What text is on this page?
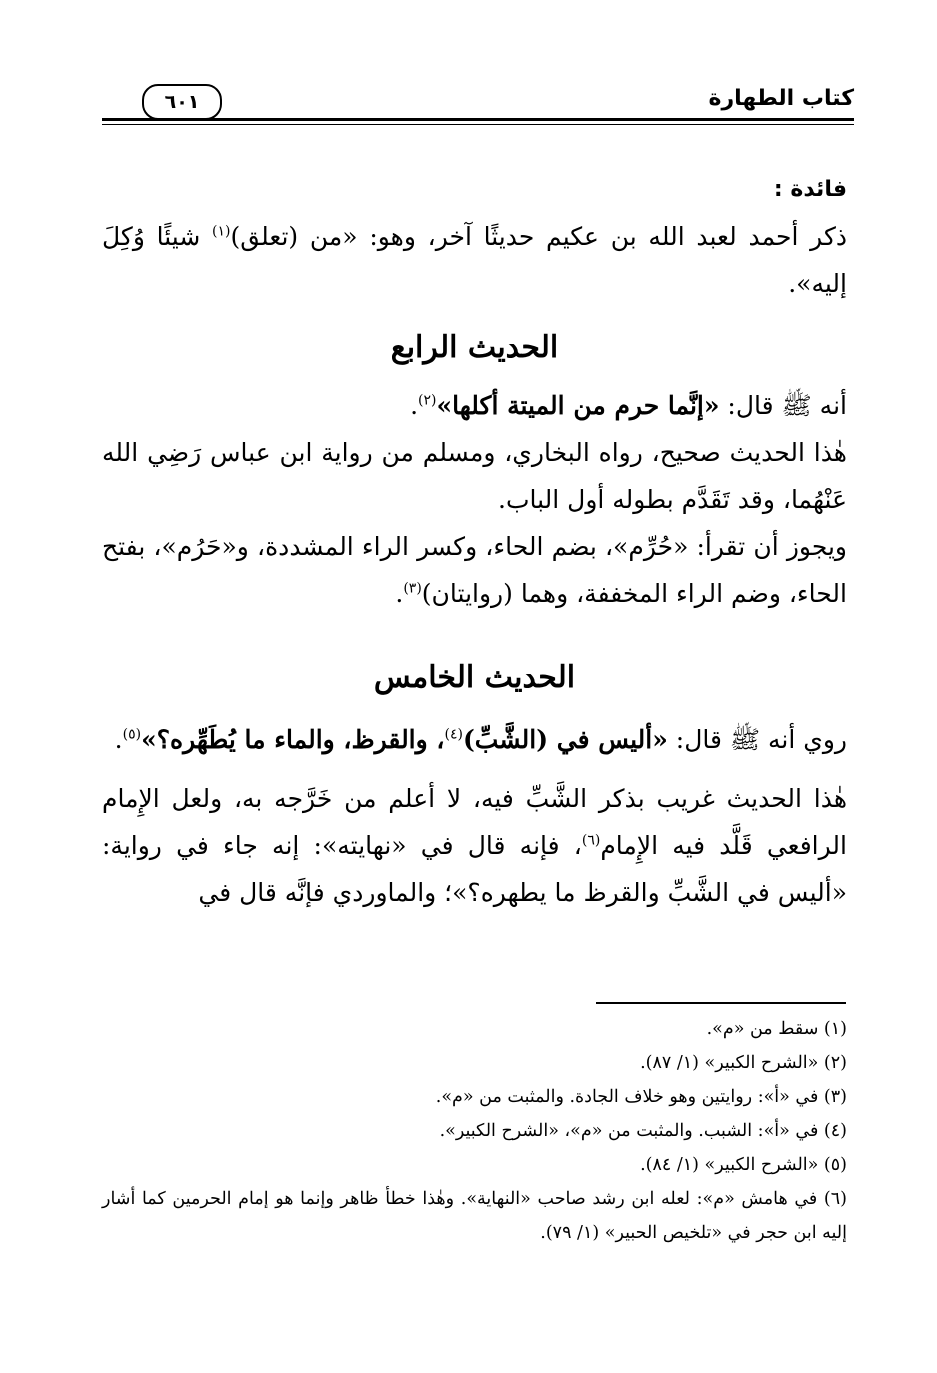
كتاب الطهارة
٦٠١
فائدة :
ذكر أحمد لعبد الله بن عكيم حديثًا آخر، وهو: «من (تعلق)$^{(١)}$ شيئًا وُكِلَ إليه».
الحديث الرابع
أنه ﷺ قال: «إنَّما حرم من الميتة أكلها»$^{(٢)}$.
هٰذا الحديث صحيح، رواه البخاري، ومسلم من رواية ابن عباس رَضِي الله عَنْهُما، وقد تَقَدَّم بطوله أول الباب.
ويجوز أن تقرأ: «حُرِّم»، بضم الحاء، وكسر الراء المشددة، و«حَرُم»، بفتح الحاء، وضم الراء المخففة، وهما (روايتان)$^{(٣)}$.
الحديث الخامس
روي أنه ﷺ قال: «أليس في (الشَّبِّ)$^{(٤)}$، والقرظ، والماء ما يُطَهِّره؟»$^{(٥)}$.
هٰذا الحديث غريب بذكر الشَّبِّ فيه، لا أعلم من خَرَّجه به، ولعل الإِمام الرافعي قَلَّد فيه الإِمام$^{(٦)}$، فإنه قال في «نهايته»: إنه جاء في رواية: «أليس في الشَّبِّ والقرظ ما يطهره؟»؛ والماوردي فإنَّه قال في
(١) سقط من «م».
(٢) «الشرح الكبير» (١/ ٨٧).
(٣) في «أ»: روايتين وهو خلاف الجادة. والمثبت من «م».
(٤) في «أ»: الشبب. والمثبت من «م»، «الشرح الكبير».
(٥) «الشرح الكبير» (١/ ٨٤).
(٦) في هامش «م»: لعله ابن رشد صاحب «النهاية». وهٰذا خطأ ظاهر وإنما هو إمام الحرمين كما أشار إليه ابن حجر في «تلخيص الحبير» (١/ ٧٩).
